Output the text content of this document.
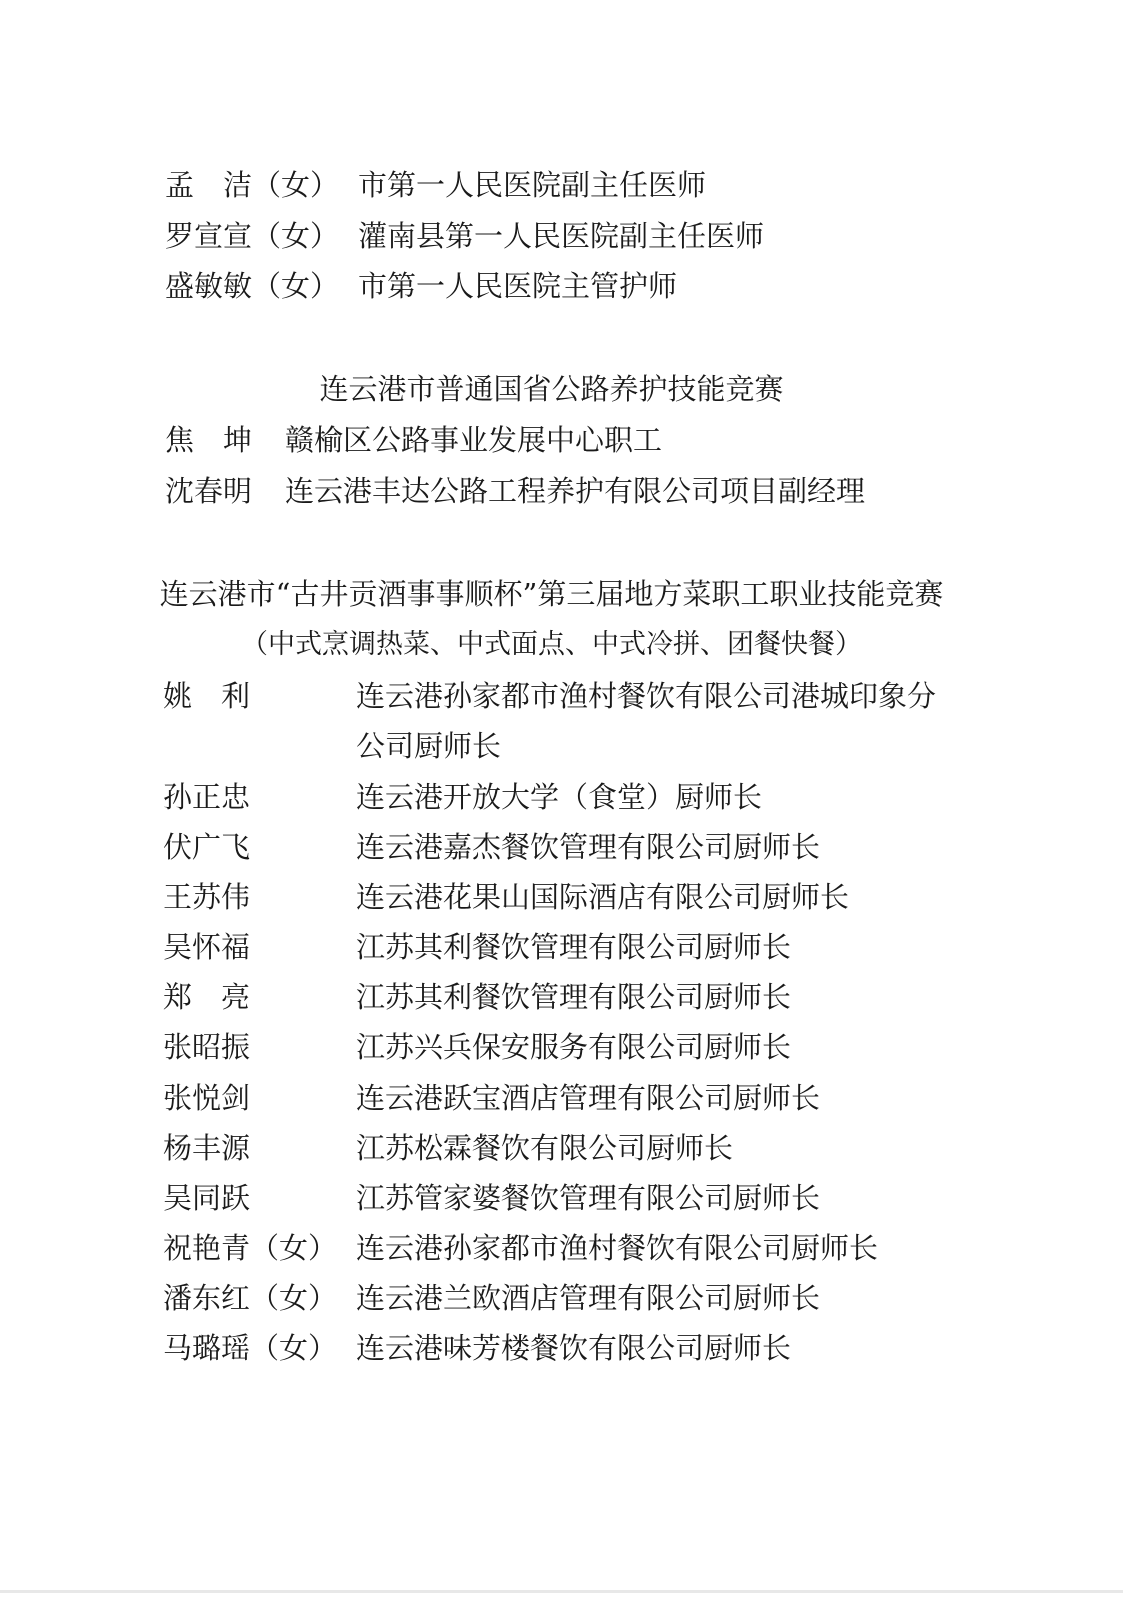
孟　洁（女） 市第一人民医院副主任医师
罗宣宣（女） 灌南县第一人民医院副主任医师
盛敏敏（女） 市第一人民医院主管护师
连云港市普通国省公路养护技能竞赛
焦　坤 赣榆区公路事业发展中心职工
沈春明 连云港丰达公路工程养护有限公司项目副经理
连云港市“古井贡酒事事顺杯”第三届地方菜职工职业技能竞赛
（中式烹调热菜、中式面点、中式冷拼、团餐快餐）
姚　利	连云港孙家都市渔村餐饮有限公司港城印象分
公司厨师长
孙正忠	连云港开放大学（食堂）厨师长
伏广飞	连云港嘉杰餐饮管理有限公司厨师长
王苏伟	连云港花果山国际酒店有限公司厨师长
吴怀福	江苏其利餐饮管理有限公司厨师长
郑　亮	江苏其利餐饮管理有限公司厨师长
张昭振	江苏兴兵保安服务有限公司厨师长
张悦剑	连云港跃宝酒店管理有限公司厨师长
杨丰源	江苏松霖餐饮有限公司厨师长
吴同跃	江苏管家婆餐饮管理有限公司厨师长
祝艳青（女） 连云港孙家都市渔村餐饮有限公司厨师长
潘东红（女） 连云港兰欧酒店管理有限公司厨师长
马璐瑶（女） 连云港味芳楼餐饮有限公司厨师长
